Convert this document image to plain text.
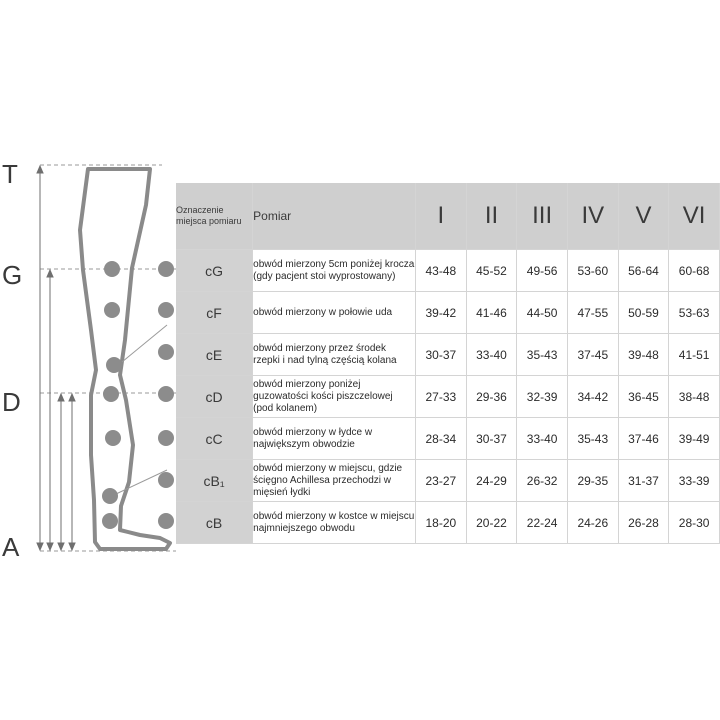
T
G
D
A
Oznaczenie miejsca pomiaru	Pomiar	I	II	III	IV	V	VI
cG	obwód mierzony 5cm poniżej krocza (gdy pacjent stoi wyprostowany)	43-48	45-52	49-56	53-60	56-64	60-68
cF	obwód mierzony w połowie uda	39-42	41-46	44-50	47-55	50-59	53-63
cE	obwód mierzony przez środek rzepki i nad tylną częścią kolana	30-37	33-40	35-43	37-45	39-48	41-51
cD	obwód mierzony poniżej guzowatości kości piszczelowej (pod kolanem)	27-33	29-36	32-39	34-42	36-45	38-48
cC	obwód mierzony w łydce w największym obwodzie	28-34	30-37	33-40	35-43	37-46	39-49
cB₁	obwód mierzony w miejscu, gdzie ścięgno Achillesa przechodzi w mięsień łydki	23-27	24-29	26-32	29-35	31-37	33-39
cB	obwód mierzony w kostce w miejscu najmniejszego obwodu	18-20	20-22	22-24	24-26	26-28	28-30
